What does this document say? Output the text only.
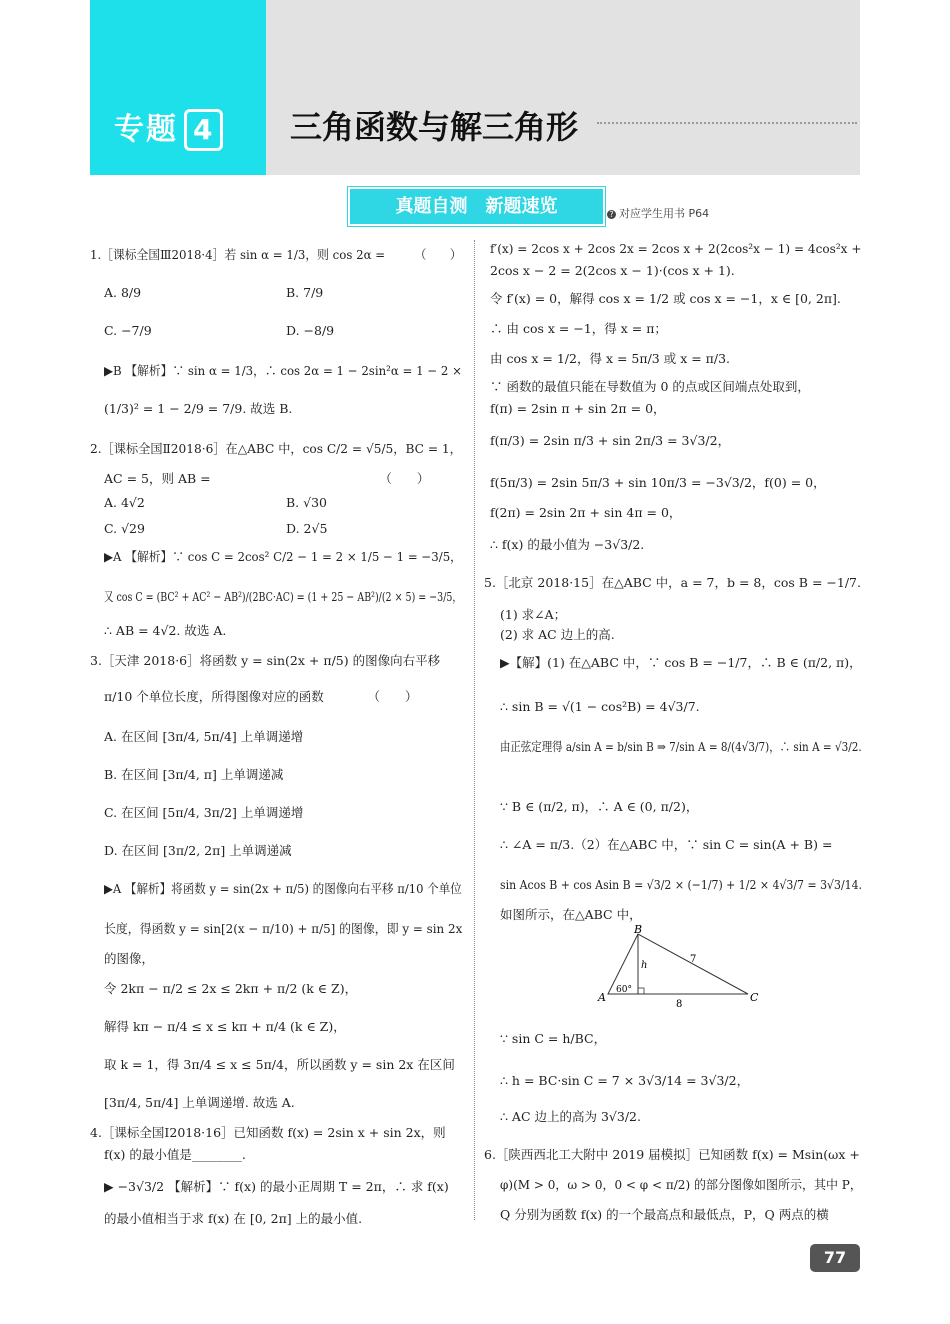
专题 4 三角函数与解三角形
真题自测　新题速览	? 对应学生用书 P64
1.［课标全国Ⅲ2018·4］若 sin α = 1/3，则 cos 2α =　　　（　　）
A. 8/9	B. 7/9
C. −7/9	D. −8/9
▶B 【解析】∵ sin α = 1/3，∴ cos 2α = 1 − 2sin²α = 1 − 2 ×
(1/3)² = 1 − 2/9 = 7/9. 故选 B.
2.［课标全国Ⅱ2018·6］在△ABC 中，cos C/2 = √5/5，BC = 1，
AC = 5，则 AB =　　　　　　　　　　　　　　（　　）
A. 4√2	B. √30
C. √29	D. 2√5
▶A 【解析】∵ cos C = 2cos² C/2 − 1 = 2 × 1/5 − 1 = −3/5，
又 cos C = (BC² + AC² − AB²)/(2BC·AC) = (1 + 25 − AB²)/(2 × 5) = −3/5，
∴ AB = 4√2. 故选 A.
3.［天津 2018·6］将函数 y = sin(2x + π/5) 的图像向右平移
π/10 个单位长度，所得图像对应的函数　　　　（　　）
A. 在区间 [3π/4, 5π/4] 上单调递增
B. 在区间 [3π/4, π] 上单调递减
C. 在区间 [5π/4, 3π/2] 上单调递增
D. 在区间 [3π/2, 2π] 上单调递减
▶A 【解析】将函数 y = sin(2x + π/5) 的图像向右平移 π/10 个单位
长度，得函数 y = sin[2(x − π/10) + π/5] 的图像，即 y = sin 2x
的图像，
令 2kπ − π/2 ≤ 2x ≤ 2kπ + π/2 (k ∈ Z)，
解得 kπ − π/4 ≤ x ≤ kπ + π/4 (k ∈ Z)，
取 k = 1，得 3π/4 ≤ x ≤ 5π/4，所以函数 y = sin 2x 在区间
[3π/4, 5π/4] 上单调递增. 故选 A.
4.［课标全国Ⅰ2018·16］已知函数 f(x) = 2sin x + sin 2x，则
f(x) 的最小值是________.
▶ −3√3/2 【解析】∵ f(x) 的最小正周期 T = 2π，∴ 求 f(x)
的最小值相当于求 f(x) 在 [0, 2π] 上的最小值.
B
A	C
h
60°
7
8
f′(x) = 2cos x + 2cos 2x = 2cos x + 2(2cos²x − 1) = 4cos²x +
2cos x − 2 = 2(2cos x − 1)·(cos x + 1).
令 f′(x) = 0，解得 cos x = 1/2 或 cos x = −1，x ∈ [0, 2π].
∴ 由 cos x = −1，得 x = π；
由 cos x = 1/2，得 x = 5π/3 或 x = π/3.
∵ 函数的最值只能在导数值为 0 的点或区间端点处取到，
f(π) = 2sin π + sin 2π = 0，
f(π/3) = 2sin π/3 + sin 2π/3 = 3√3/2，
f(5π/3) = 2sin 5π/3 + sin 10π/3 = −3√3/2，f(0) = 0，
f(2π) = 2sin 2π + sin 4π = 0，
∴ f(x) 的最小值为 −3√3/2.
5.［北京 2018·15］在△ABC 中，a = 7，b = 8，cos B = −1/7.
(1) 求∠A；
(2) 求 AC 边上的高.
▶【解】(1) 在△ABC 中，∵ cos B = −1/7，∴ B ∈ (π/2, π)，
∴ sin B = √(1 − cos²B) = 4√3/7.
由正弦定理得 a/sin A = b/sin B ⇒ 7/sin A = 8/(4√3/7)，∴ sin A = √3/2.
∵ B ∈ (π/2, π)，∴ A ∈ (0, π/2)，
∴ ∠A = π/3.（2）在△ABC 中，∵ sin C = sin(A + B) =
sin Acos B + cos Asin B = √3/2 × (−1/7) + 1/2 × 4√3/7 = 3√3/14.
如图所示，在△ABC 中，
∵ sin C = h/BC，
∴ h = BC·sin C = 7 × 3√3/14 = 3√3/2，
∴ AC 边上的高为 3√3/2.
6.［陕西西北工大附中 2019 届模拟］已知函数 f(x) = Msin(ωx +
φ)(M > 0，ω > 0，0 < φ < π/2) 的部分图像如图所示，其中 P，
Q 分别为函数 f(x) 的一个最高点和最低点，P，Q 两点的横
77
